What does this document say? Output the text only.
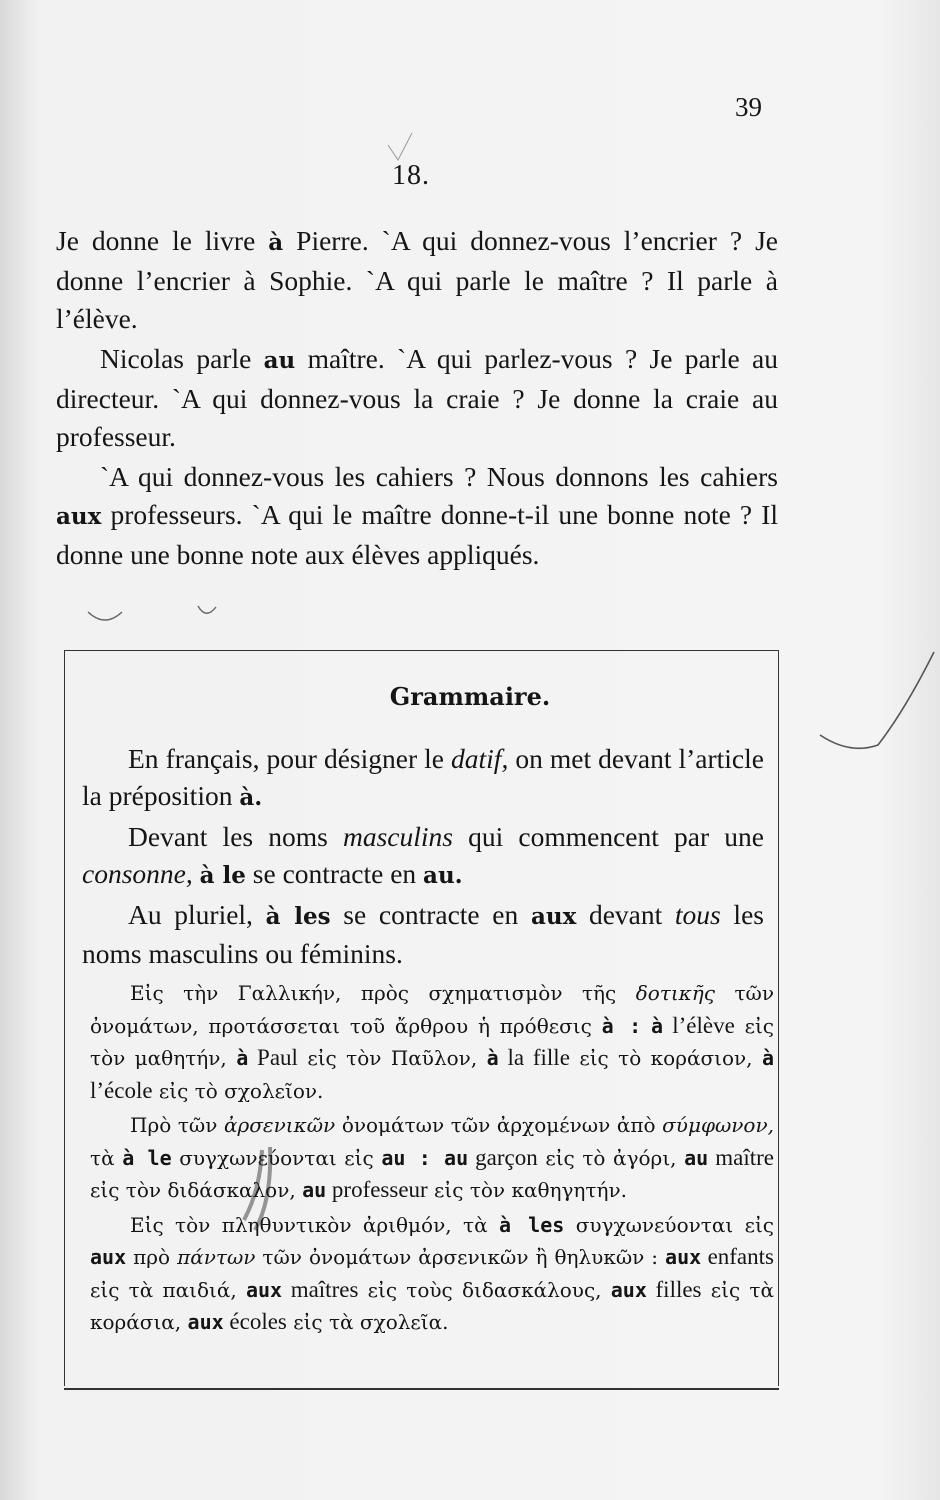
39
18.

Je donne le livre à Pierre. `A qui donnez-vous l’encrier ? Je donne l’encrier à Sophie. `A qui parle le maître ? Il parle à l’élève.

Nicolas parle au maître. `A qui parlez-vous ? Je parle au directeur. `A qui donnez-vous la craie ? Je donne la craie au professeur.

`A qui donnez-vous les cahiers ? Nous donnons les cahiers aux professeurs. `A qui le maître donne-t-il une bonne note ? Il donne une bonne note aux élèves appliqués.

Grammaire.

En français, pour désigner le datif, on met devant l’article la préposition à.

Devant les noms masculins qui commencent par une consonne, à le se contracte en au.

Au pluriel, à les se contracte en aux devant tous les noms masculins ou féminins.

Εἰς τὴν Γαλλικήν, πρὸς σχηματισμὸν τῆς δοτικῆς τῶν ὀνομάτων, προτάσσεται τοῦ ἄρθρου ἡ πρόθεσις à : à l’élève εἰς τὸν μαθητήν, à Paul εἰς τὸν Παῦλον, à la fille εἰς τὸ κοράσιον, à l’école εἰς τὸ σχολεῖον.

Πρὸ τῶν ἀρσενικῶν ὀνομάτων τῶν ἀρχομένων ἀπὸ σύμφωνον, τὰ à le συγχωνεύονται εἰς au : au garçon εἰς τὸ ἀγόρι, au maître εἰς τὸν διδάσκαλον, au professeur εἰς τὸν καθηγητήν.

Εἰς τὸν πληθυντικὸν ἀριθμόν, τὰ à les συγχωνεύονται εἰς aux πρὸ πάντων τῶν ὀνομάτων ἀρσενικῶν ἢ θηλυκῶν : aux enfants εἰς τὰ παιδιά, aux maîtres εἰς τοὺς διδασκάλους, aux filles εἰς τὰ κοράσια, aux écoles εἰς τὰ σχολεῖα.
